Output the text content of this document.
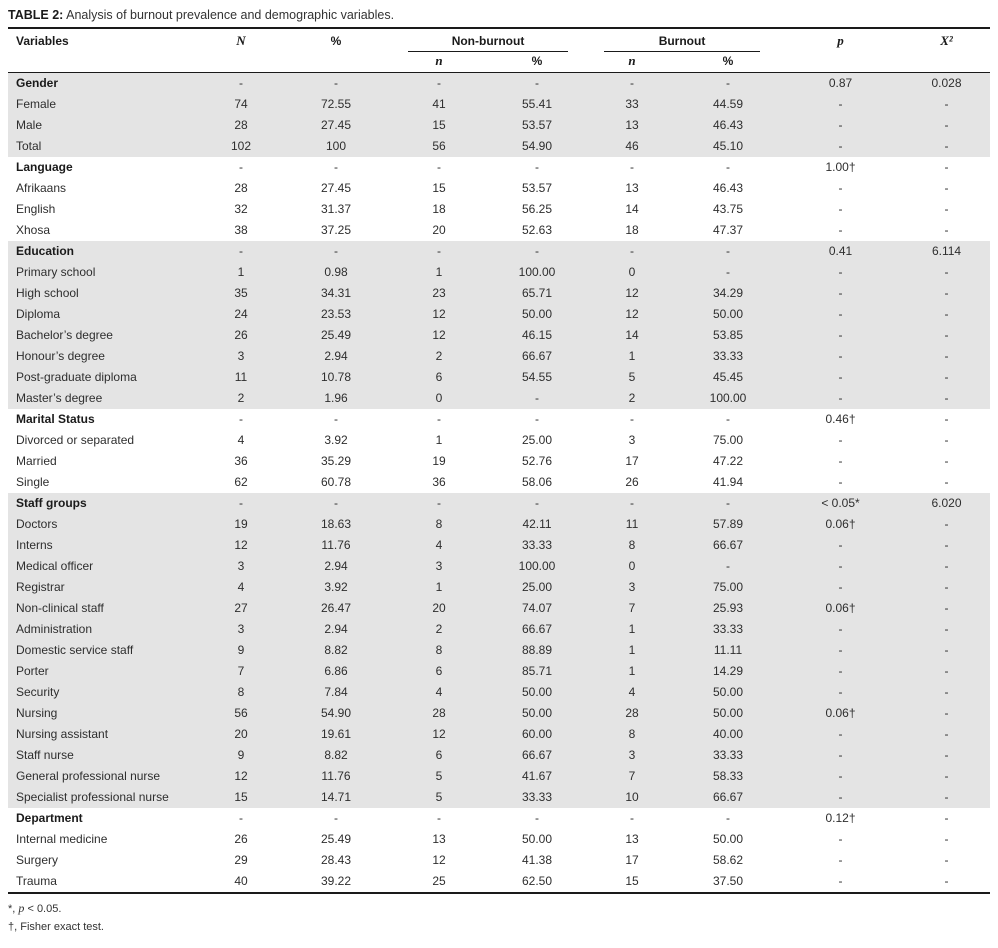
TABLE 2: Analysis of burnout prevalence and demographic variables.
Variables	N	%	Non-burnout		Burnout		p	X²
			n	%	n	%		
Gender	-	-	-	-	-	-	0.87	0.028
Female	74	72.55	41	55.41	33	44.59	-	-
Male	28	27.45	15	53.57	13	46.43	-	-
Total	102	100	56	54.90	46	45.10	-	-
Language	-	-	-	-	-	-	1.00†	-
Afrikaans	28	27.45	15	53.57	13	46.43	-	-
English	32	31.37	18	56.25	14	43.75	-	-
Xhosa	38	37.25	20	52.63	18	47.37	-	-
Education	-	-	-	-	-	-	0.41	6.114
Primary school	1	0.98	1	100.00	0	-	-	-
High school	35	34.31	23	65.71	12	34.29	-	-
Diploma	24	23.53	12	50.00	12	50.00	-	-
Bachelor’s degree	26	25.49	12	46.15	14	53.85	-	-
Honour’s degree	3	2.94	2	66.67	1	33.33	-	-
Post-graduate diploma	11	10.78	6	54.55	5	45.45	-	-
Master’s degree	2	1.96	0	-	2	100.00	-	-
Marital Status	-	-	-	-	-	-	0.46†	-
Divorced or separated	4	3.92	1	25.00	3	75.00	-	-
Married	36	35.29	19	52.76	17	47.22	-	-
Single	62	60.78	36	58.06	26	41.94	-	-
Staff groups	-	-	-	-	-	-	< 0.05*	6.020
Doctors	19	18.63	8	42.11	11	57.89	0.06†	-
Interns	12	11.76	4	33.33	8	66.67	-	-
Medical officer	3	2.94	3	100.00	0	-	-	-
Registrar	4	3.92	1	25.00	3	75.00	-	-
Non-clinical staff	27	26.47	20	74.07	7	25.93	0.06†	-
Administration	3	2.94	2	66.67	1	33.33	-	-
Domestic service staff	9	8.82	8	88.89	1	11.11	-	-
Porter	7	6.86	6	85.71	1	14.29	-	-
Security	8	7.84	4	50.00	4	50.00	-	-
Nursing	56	54.90	28	50.00	28	50.00	0.06†	-
Nursing assistant	20	19.61	12	60.00	8	40.00	-	-
Staff nurse	9	8.82	6	66.67	3	33.33	-	-
General professional nurse	12	11.76	5	41.67	7	58.33	-	-
Specialist professional nurse	15	14.71	5	33.33	10	66.67	-	-
Department	-	-	-	-	-	-	0.12†	-
Internal medicine	26	25.49	13	50.00	13	50.00	-	-
Surgery	29	28.43	12	41.38	17	58.62	-	-
Trauma	40	39.22	25	62.50	15	37.50	-	-
*, p < 0.05.
†, Fisher exact test.
